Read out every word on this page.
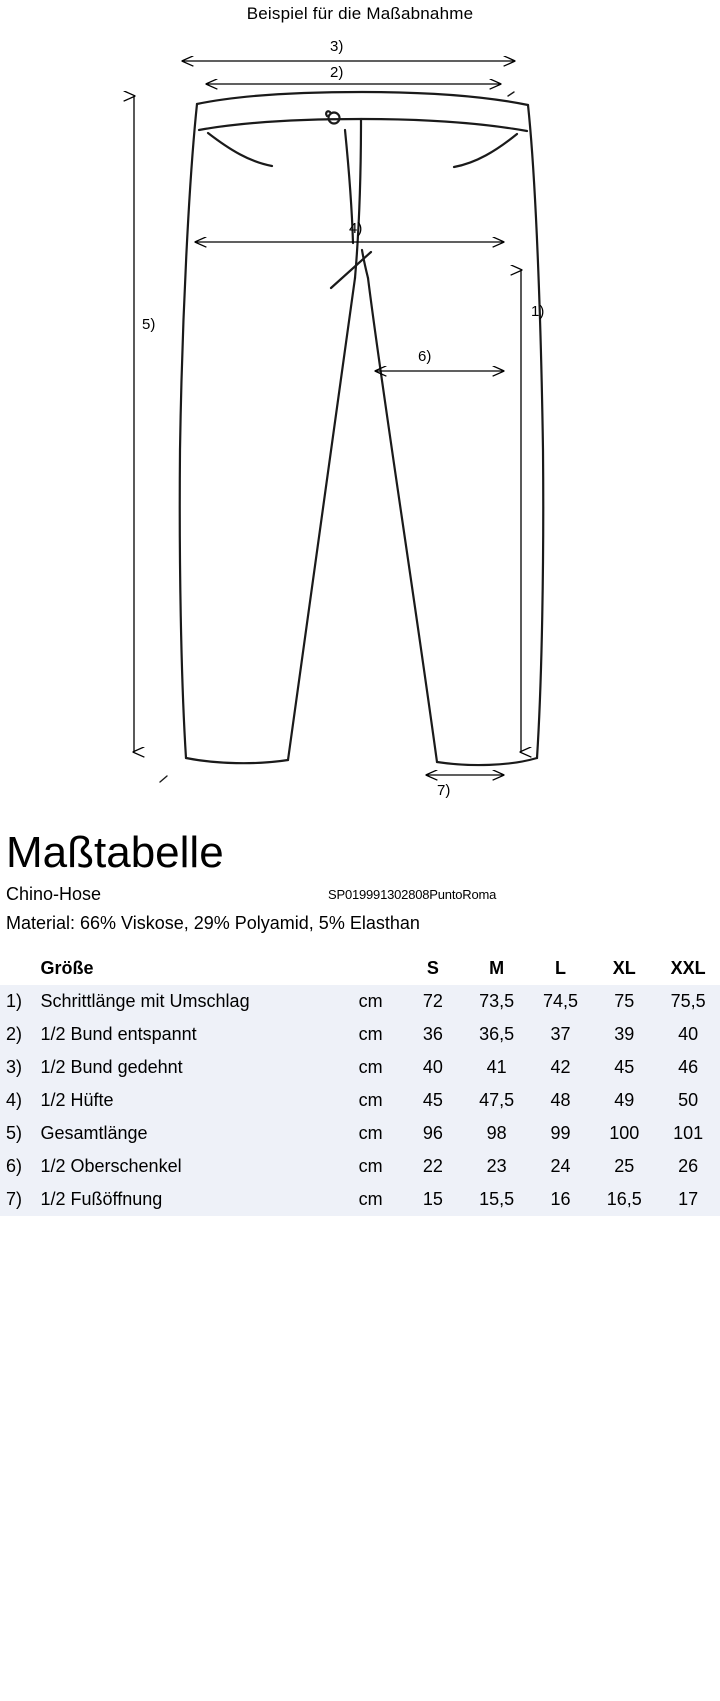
Beispiel für die Maßabnahme
3)
2)
4)
5)
1)
6)
7)
Maßtabelle
Chino-Hose	SP019991302808PuntoRoma
Material: 66% Viskose, 29% Polyamid, 5% Elasthan
	Größe		S	M	L	XL	XXL
1)	Schrittlänge mit Umschlag	cm	72	73,5	74,5	75	75,5
2)	1/2 Bund entspannt	cm	36	36,5	37	39	40
3)	1/2 Bund gedehnt	cm	40	41	42	45	46
4)	1/2 Hüfte	cm	45	47,5	48	49	50
5)	Gesamtlänge	cm	96	98	99	100	101
6)	1/2 Oberschenkel	cm	22	23	24	25	26
7)	1/2 Fußöffnung	cm	15	15,5	16	16,5	17
